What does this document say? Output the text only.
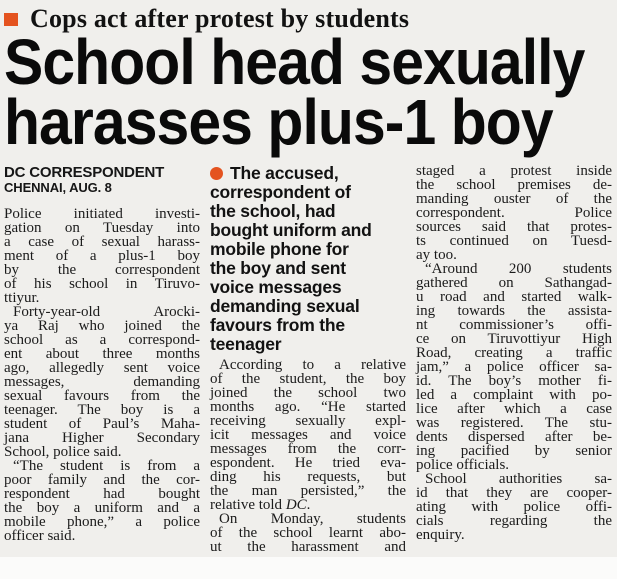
Cops act after protest by students
School head sexually
harasses plus-1 boy
DC CORRESPONDENT
CHENNAI, AUG. 8
Police initiated investi-
gation on Tuesday into
a case of sexual harass-
ment of a plus-1 boy
by the correspondent
of his school in Tiruvo-
ttiyur.
Forty-year-old Arocki-
ya Raj who joined the
school as a correspond-
ent about three months
ago, allegedly sent voice
messages, demanding
sexual favours from the
teenager. The boy is a
student of Paul’s Maha-
jana Higher Secondary
School, police said.
“The student is from a
poor family and the cor-
respondent had bought
the boy a uniform and a
mobile phone,” a police
officer said.
The accused,
correspondent of
the school, had
bought uniform and
mobile phone for
the boy and sent
voice messages
demanding sexual
favours from the
teenager
According to a relative
of the student, the boy
joined the school two
months ago. “He started
receiving sexually expl-
icit messages and voice
messages from the corr-
espondent. He tried eva-
ding his requests, but
the man persisted,” the
relative told DC.
On Monday, students
of the school learnt abo-
ut the harassment and
staged a protest inside
the school premises de-
manding ouster of the
correspondent. Police
sources said that protes-
ts continued on Tuesd-
ay too.
“Around 200 students
gathered on Sathangad-
u road and started walk-
ing towards the assista-
nt commissioner’s offi-
ce on Tiruvottiyur High
Road, creating a traffic
jam,” a police officer sa-
id. The boy’s mother fi-
led a complaint with po-
lice after which a case
was registered. The stu-
dents dispersed after be-
ing pacified by senior
police officials.
School authorities sa-
id that they are cooper-
ating with police offi-
cials regarding the
enquiry.
